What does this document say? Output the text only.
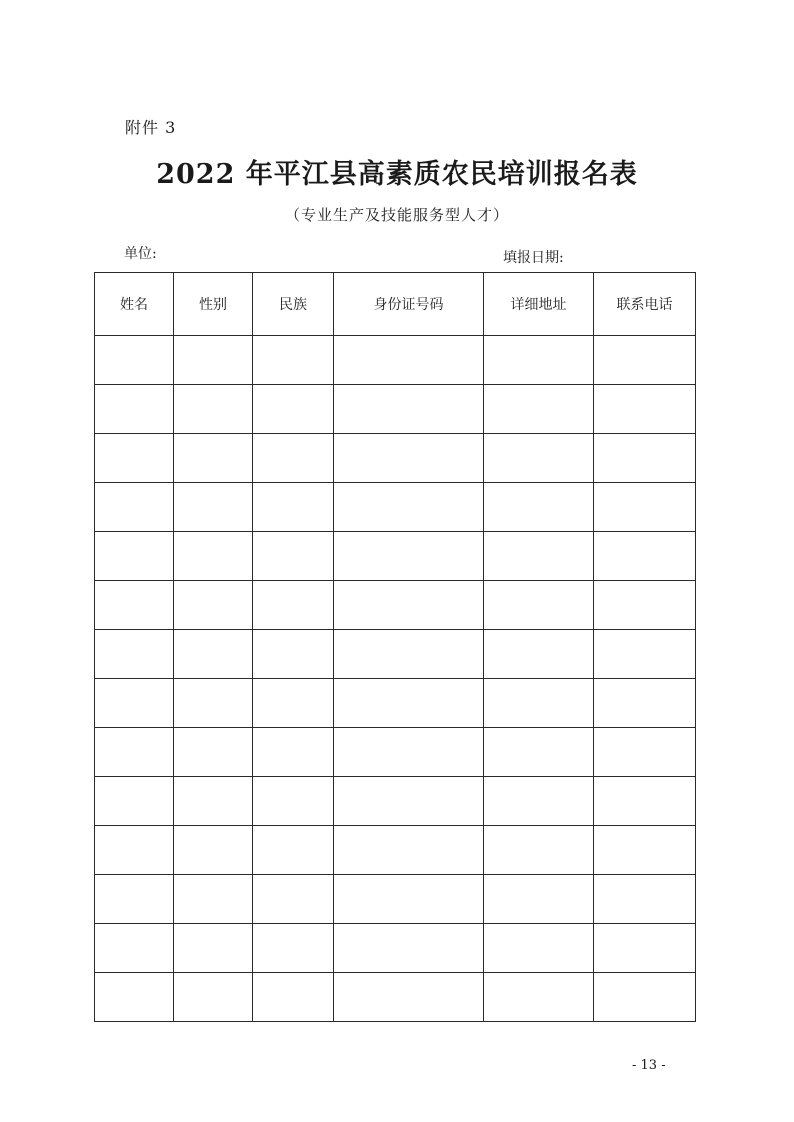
附件 3
2022 年平江县高素质农民培训报名表
（专业生产及技能服务型人才）
单位:	填报日期:
姓名	性别	民族	身份证号码	详细地址	联系电话

- 13 -
